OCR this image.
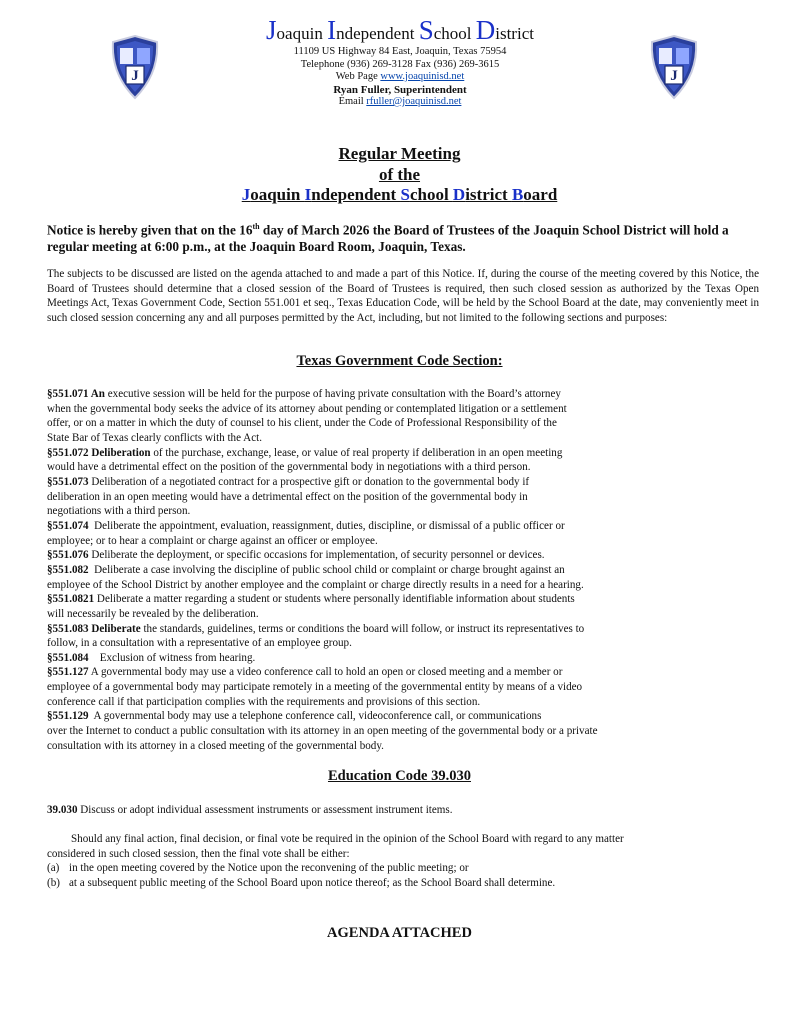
J	J
Joaquin Independent School District
11109 US Highway 84 East, Joaquin, Texas 75954
Telephone (936) 269-3128 Fax (936) 269-3615
Web Page www.joaquinisd.net
Ryan Fuller, Superintendent
Email rfuller@joaquinisd.net
Regular Meeting
of the
Joaquin Independent School District Board
Notice is hereby given that on the 16th day of March 2026 the Board of Trustees of the Joaquin School District will hold a regular meeting at 6:00 p.m., at the Joaquin Board Room, Joaquin, Texas.
The subjects to be discussed are listed on the agenda attached to and made a part of this Notice. If, during the course of the meeting covered by this Notice, the Board of Trustees should determine that a closed session of the Board of Trustees is required, then such closed session as authorized by the Texas Open Meetings Act, Texas Government Code, Section 551.001 et seq., Texas Education Code, will be held by the School Board at the date, may conveniently meet in such closed session concerning any and all purposes permitted by the Act, including, but not limited to the following sections and purposes:
Texas Government Code Section:
§551.071 An executive session will be held for the purpose of having private consultation with the Board’s attorney
when the governmental body seeks the advice of its attorney about pending or contemplated litigation or a settlement
offer, or on a matter in which the duty of counsel to his client, under the Code of Professional Responsibility of the
State Bar of Texas clearly conflicts with the Act.
§551.072 Deliberation of the purchase, exchange, lease, or value of real property if deliberation in an open meeting
would have a detrimental effect on the position of the governmental body in negotiations with a third person.
§551.073 Deliberation of a negotiated contract for a prospective gift or donation to the governmental body if
deliberation in an open meeting would have a detrimental effect on the position of the governmental body in
negotiations with a third person.
§551.074  Deliberate the appointment, evaluation, reassignment, duties, discipline, or dismissal of a public officer or
employee; or to hear a complaint or charge against an officer or employee.
§551.076 Deliberate the deployment, or specific occasions for implementation, of security personnel or devices.
§551.082  Deliberate a case involving the discipline of public school child or complaint or charge brought against an
employee of the School District by another employee and the complaint or charge directly results in a need for a hearing.
§551.0821 Deliberate a matter regarding a student or students where personally identifiable information about students
will necessarily be revealed by the deliberation.
§551.083 Deliberate the standards, guidelines, terms or conditions the board will follow, or instruct its representatives to
follow, in a consultation with a representative of an employee group.
§551.084    Exclusion of witness from hearing.
§551.127 A governmental body may use a video conference call to hold an open or closed meeting and a member or
employee of a governmental body may participate remotely in a meeting of the governmental entity by means of a video
conference call if that participation complies with the requirements and provisions of this section.
§551.129  A governmental body may use a telephone conference call, videoconference call, or communications
over the Internet to conduct a public consultation with its attorney in an open meeting of the governmental body or a private
consultation with its attorney in a closed meeting of the governmental body.
Education Code 39.030
39.030 Discuss or adopt individual assessment instruments or assessment instrument items.
Should any final action, final decision, or final vote be required in the opinion of the School Board with regard to any matter
considered in such closed session, then the final vote shall be either:
(a) in the open meeting covered by the Notice upon the reconvening of the public meeting; or
(b) at a subsequent public meeting of the School Board upon notice thereof; as the School Board shall determine.
AGENDA ATTACHED
